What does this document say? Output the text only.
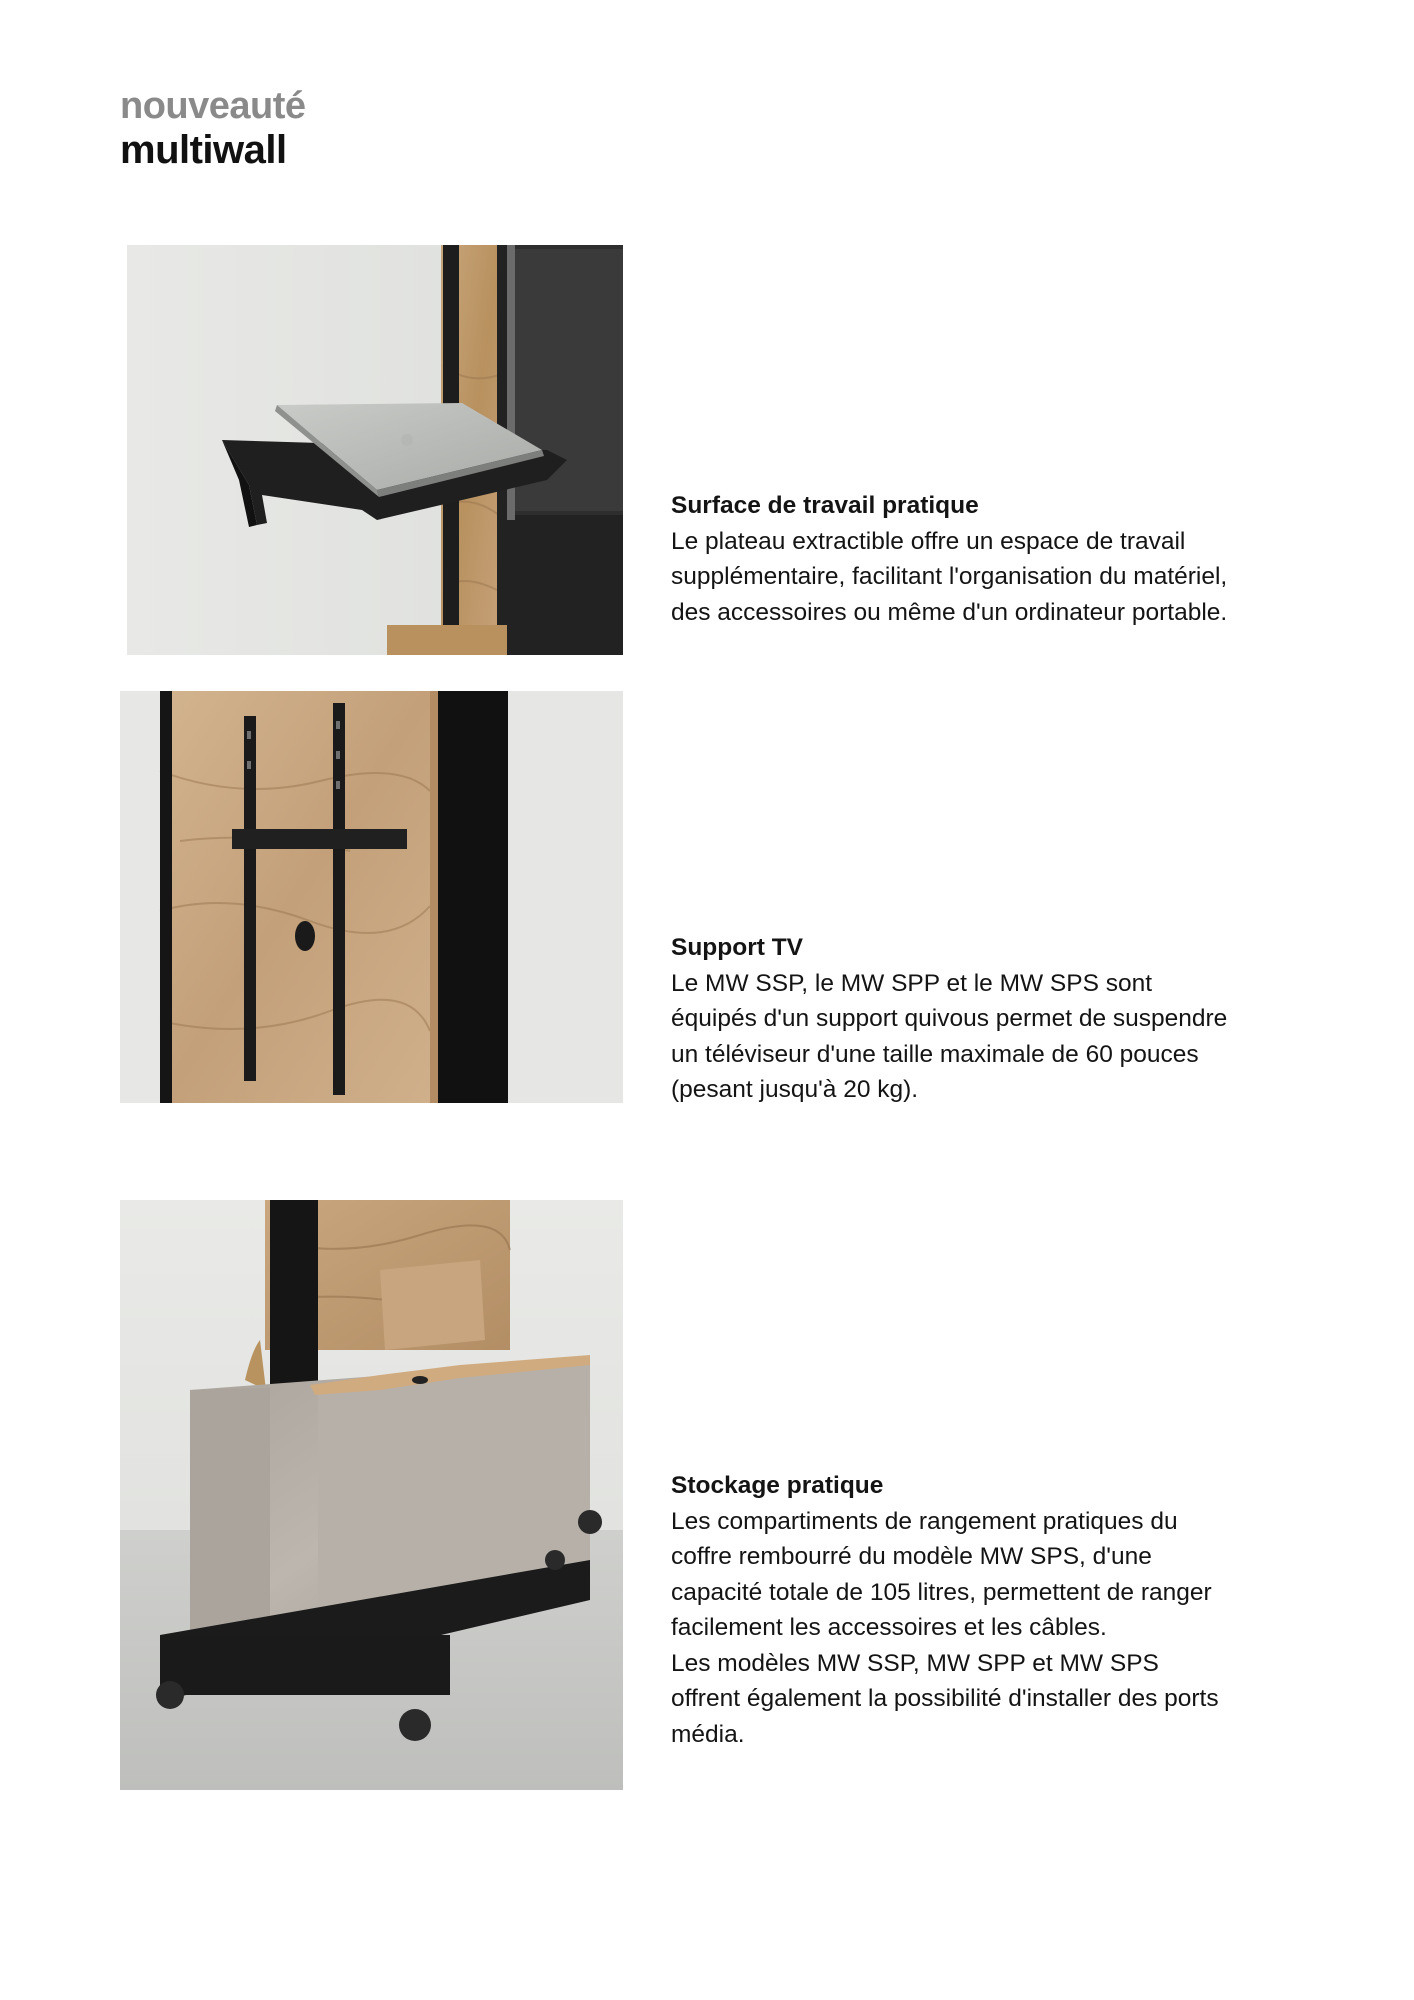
nouveauté
multiwall
Surface de travail pratique

Le plateau extractible offre un espace de travail supplémentaire, facilitant l'organisation du matériel, des accessoires ou même d'un ordinateur portable.

Support TV

Le MW SSP, le MW SPP et le MW SPS sont équipés d'un support quivous permet de suspendre un téléviseur d'une taille maximale de 60 pouces (pesant jusqu'à 20 kg).

Stockage pratique

Les compartiments de rangement pratiques du coffre rembourré du modèle MW SPS, d'une capacité totale de 105 litres, permettent de ranger facilement les accessoires et les câbles.

Les modèles MW SSP, MW SPP et MW SPS offrent également la possibilité d'installer des ports média.
